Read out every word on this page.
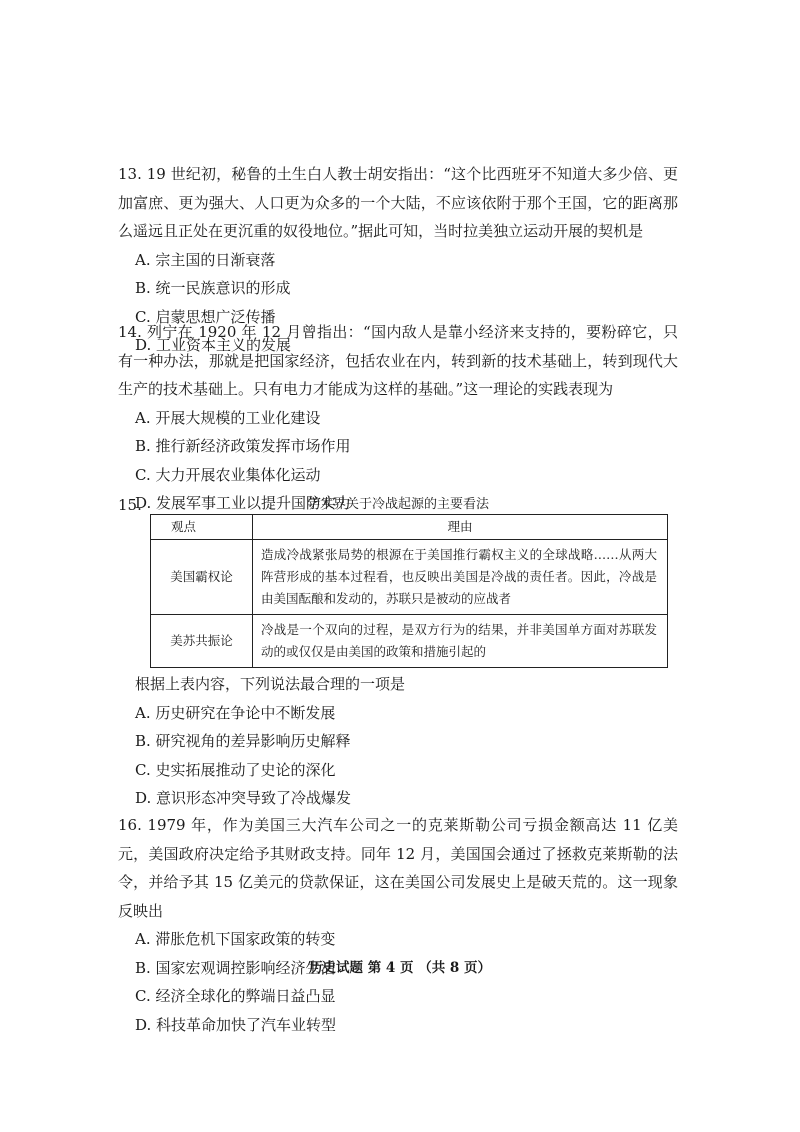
13. 19 世纪初，秘鲁的土生白人教士胡安指出：“这个比西班牙不知道大多少倍、更加富庶、更为强大、人口更为众多的一个大陆，不应该依附于那个王国，它的距离那么遥远且正处在更沉重的奴役地位。”据此可知，当时拉美独立运动开展的契机是

A. 宗主国的日渐衰落

B. 统一民族意识的形成

C. 启蒙思想广泛传播

D. 工业资本主义的发展

14. 列宁在 1920 年 12 月曾指出：“国内敌人是靠小经济来支持的，要粉碎它，只有一种办法，那就是把国家经济，包括农业在内，转到新的技术基础上，转到现代大生产的技术基础上。只有电力才能成为这样的基础。”这一理论的实践表现为

A. 开展大规模的工业化建设

B. 推行新经济政策发挥市场作用

C. 大力开展农业集体化运动

D. 发展军事工业以提升国防实力

15.	学术界关于冷战起源的主要看法
观点	理由
美国霸权论	造成冷战紧张局势的根源在于美国推行霸权主义的全球战略……从两大阵营形成的基本过程看，也反映出美国是冷战的责任者。因此，冷战是由美国酝酿和发动的，苏联只是被动的应战者
美苏共振论	冷战是一个双向的过程，是双方行为的结果，并非美国单方面对苏联发动的或仅仅是由美国的政策和措施引起的

根据上表内容，下列说法最合理的一项是

A. 历史研究在争论中不断发展

B. 研究视角的差异影响历史解释

C. 史实拓展推动了史论的深化

D. 意识形态冲突导致了冷战爆发

16. 1979 年，作为美国三大汽车公司之一的克莱斯勒公司亏损金额高达 11 亿美元，美国政府决定给予其财政支持。同年 12 月，美国国会通过了拯救克莱斯勒的法令，并给予其 15 亿美元的贷款保证，这在美国公司发展史上是破天荒的。这一现象反映出

A. 滞胀危机下国家政策的转变

B. 国家宏观调控影响经济生活

C. 经济全球化的弊端日益凸显

D. 科技革命加快了汽车业转型

历史试题 第 4 页 （共 8 页）
